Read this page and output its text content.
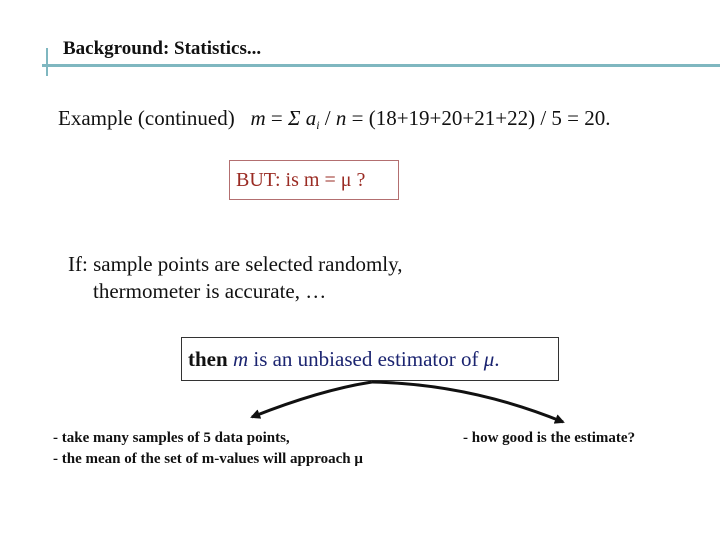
Background: Statistics...
Example (continued) m = Σ $a_i / n = (18+19+20+21+22) / 5 = 20$.
BUT: is m = μ ?
If: sample points are selected randomly,
thermometer is accurate, …
then m is an unbiased estimator of μ.
- take many samples of 5 data points,
- the mean of the set of m-values will approach μ
- how good is the estimate?
